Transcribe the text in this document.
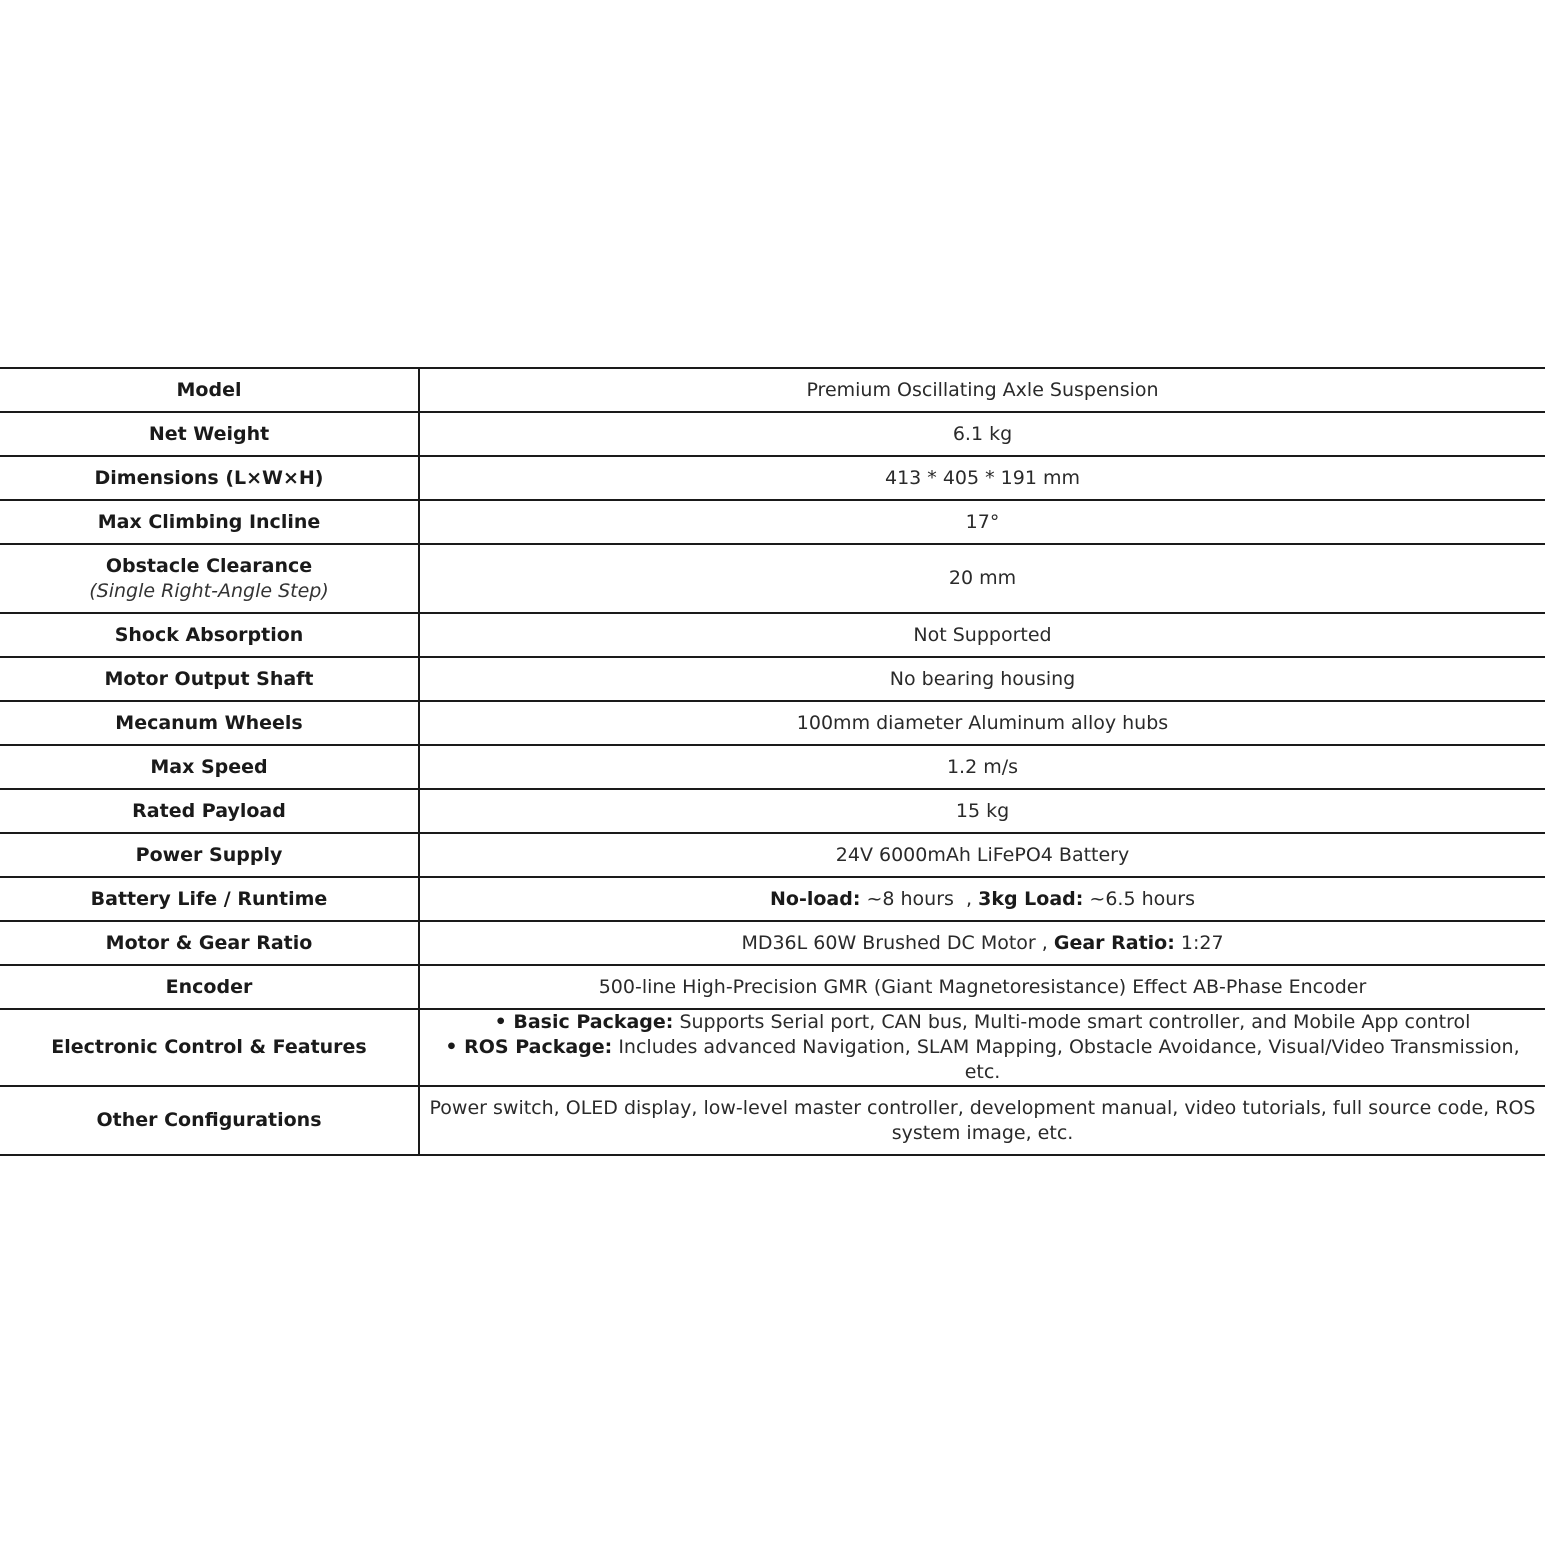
Model	Premium Oscillating Axle Suspension
Net Weight	6.1 kg
Dimensions (L×W×H)	413 * 405 * 191 mm
Max Climbing Incline	17°

Obstacle Clearance
(Single Right-Angle Step)	20 mm
Shock Absorption	Not Supported
Motor Output Shaft	No bearing housing
Mecanum Wheels	100mm diameter Aluminum alloy hubs
Max Speed	1.2 m/s
Rated Payload	15 kg
Power Supply	24V 6000mAh LiFePO4 Battery
Battery Life / Runtime	No-load: ~8 hours  , 3kg Load: ~6.5 hours
Motor & Gear Ratio	MD36L 60W Brushed DC Motor , Gear Ratio: 1:27
Encoder	500-line High-Precision GMR (Giant Magnetoresistance) Effect AB-Phase Encoder
Electronic Control & Features	• Basic Package: Supports Serial port, CAN bus, Multi-mode smart controller, and Mobile App control
• ROS Package: Includes advanced Navigation, SLAM Mapping, Obstacle Avoidance, Visual/Video Transmission, etc.

Other Configurations	Power switch, OLED display, low-level master controller, development manual, video tutorials, full source code, ROS system image, etc.
